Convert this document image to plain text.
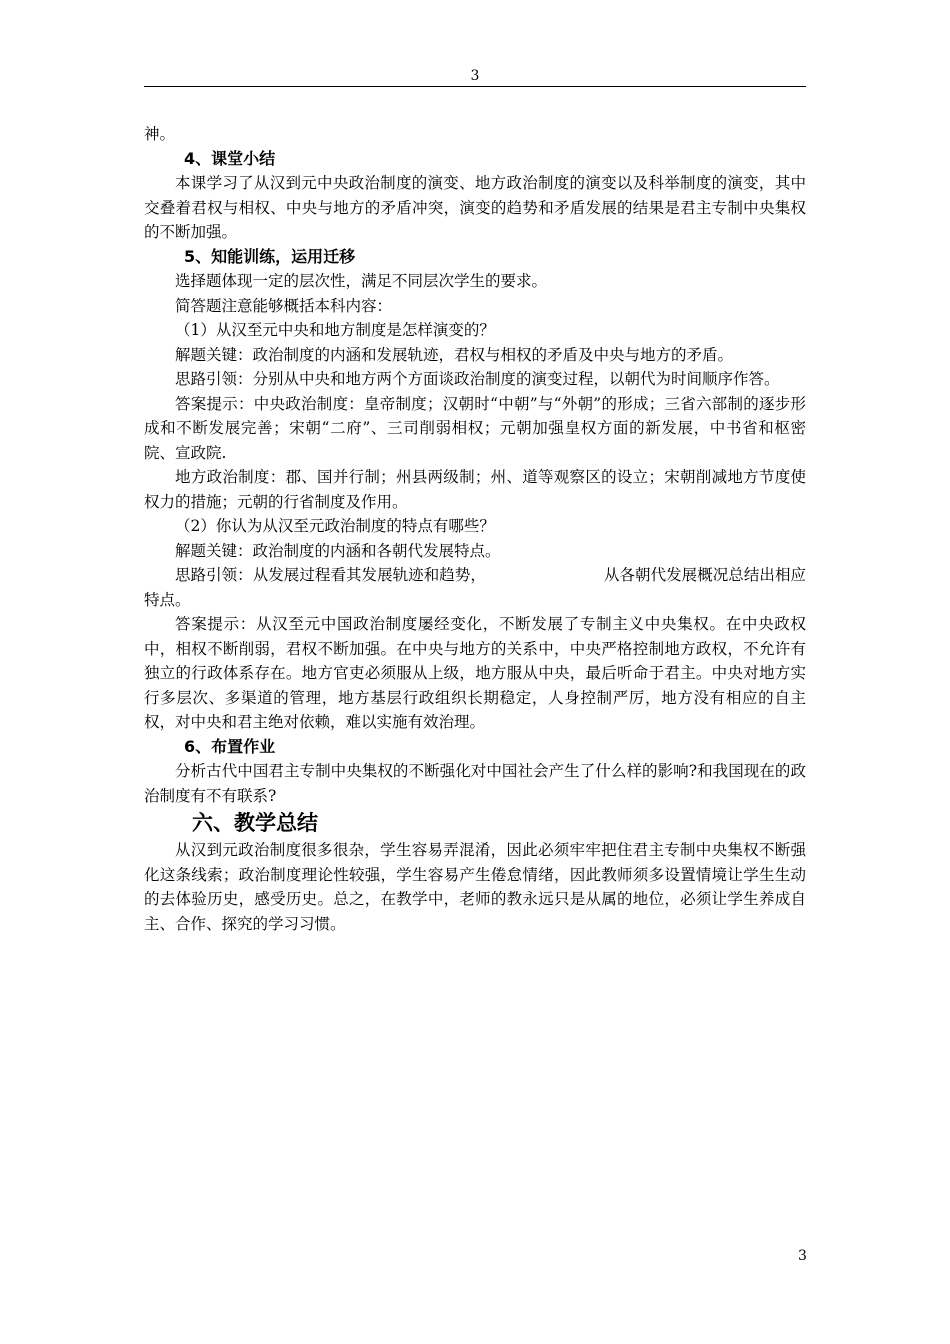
3

神。

4、课堂小结

本课学习了从汉到元中央政治制度的演变、地方政治制度的演变以及科举制度的演变，其中交叠着君权与相权、中央与地方的矛盾冲突，演变的趋势和矛盾发展的结果是君主专制中央集权的不断加强。

5、知能训练，运用迁移

选择题体现一定的层次性，满足不同层次学生的要求。

简答题注意能够概括本科内容：

（1）从汉至元中央和地方制度是怎样演变的？

解题关键：政治制度的内涵和发展轨迹，君权与相权的矛盾及中央与地方的矛盾。

思路引领：分别从中央和地方两个方面谈政治制度的演变过程，以朝代为时间顺序作答。

答案提示：中央政治制度：皇帝制度；汉朝时“中朝”与“外朝”的形成；三省六部制的逐步形成和不断发展完善；宋朝“二府”、三司削弱相权；元朝加强皇权方面的新发展，中书省和枢密院、宣政院.

地方政治制度：郡、国并行制；州县两级制；州、道等观察区的设立；宋朝削减地方节度使权力的措施；元朝的行省制度及作用。

（2）你认为从汉至元政治制度的特点有哪些？

解题关键：政治制度的内涵和各朝代发展特点。

思路引领：从发展过程看其发展轨迹和趋势，	从各朝代发展概况总结出相应特点。

答案提示：从汉至元中国政治制度屡经变化，不断发展了专制主义中央集权。在中央政权中，相权不断削弱，君权不断加强。在中央与地方的关系中，中央严格控制地方政权，不允许有独立的行政体系存在。地方官吏必须服从上级，地方服从中央，最后听命于君主。中央对地方实行多层次、多渠道的管理，地方基层行政组织长期稳定，人身控制严厉，地方没有相应的自主权，对中央和君主绝对依赖，难以实施有效治理。

6、布置作业

分析古代中国君主专制中央集权的不断强化对中国社会产生了什么样的影响?和我国现在的政治制度有不有联系?

六、教学总结

从汉到元政治制度很多很杂，学生容易弄混淆，因此必须牢牢把住君主专制中央集权不断强化这条线索；政治制度理论性较强，学生容易产生倦怠情绪，因此教师须多设置情境让学生生动的去体验历史，感受历史。总之，在教学中，老师的教永远只是从属的地位，必须让学生养成自主、合作、探究的学习习惯。

3
